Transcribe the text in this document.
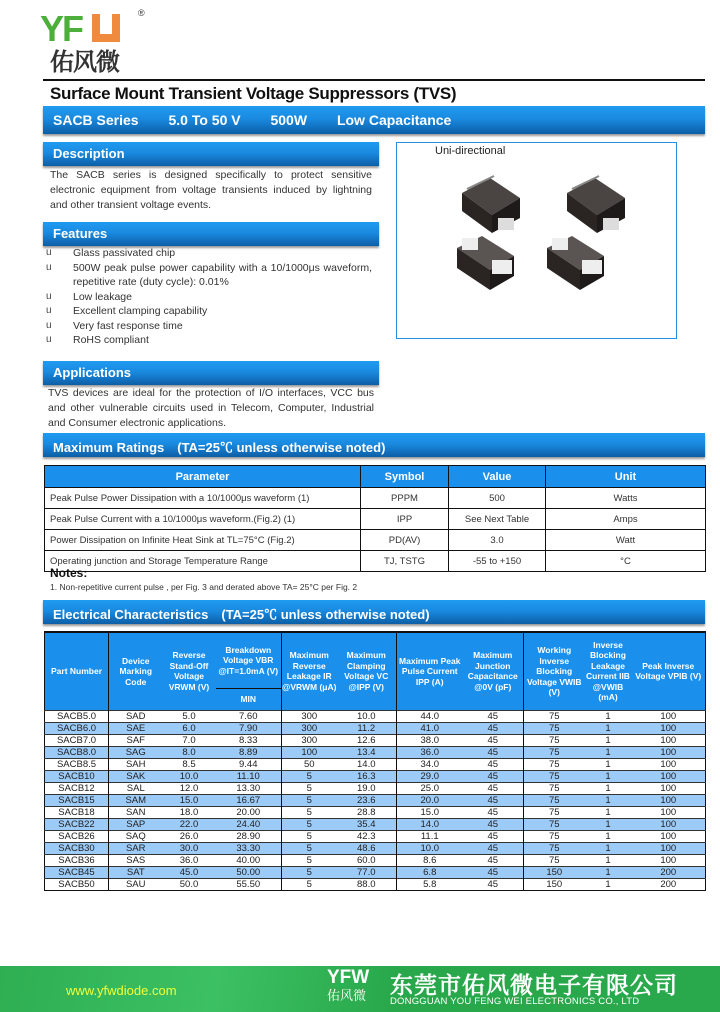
YF	®
佑风微
Surface Mount Transient Voltage Suppressors (TVS)
SACB Series 5.0 To 50 V 500W Low Capacitance
Description
The SACB series is designed specifically to protect sensitive electronic equipment from voltage transients induced by lightning and other transient voltage events.
Features
u Glass passivated chip
u 500W peak pulse power capability with a 10/1000μs waveform, repetitive rate (duty cycle): 0.01%
u Low leakage
u Excellent clamping capability
u Very fast response time
u RoHS compliant
Applications
TVS devices are ideal for the protection of I/O interfaces, VCC bus and other vulnerable circuits used in Telecom, Computer, Industrial and Consumer electronic applications.
Uni-directional
Maximum Ratings　(TA=25℃ unless otherwise noted)
Parameter	Symbol	Value	Unit
Peak Pulse Power Dissipation with a 10/1000μs waveform (1)	PPPM	500	Watts
Peak Pulse Current with a 10/1000μs waveform.(Fig.2) (1)	IPP	See Next Table	Amps
Power Dissipation on Infinite Heat Sink at TL=75°C (Fig.2)	PD(AV)	3.0	Watt
Operating junction and Storage Temperature Range	TJ, TSTG	-55 to +150	°C
Notes:
1. Non-repetitive current pulse , per Fig. 3 and derated above TA= 25°C per Fig. 2
Electrical Characteristics　(TA=25℃ unless otherwise noted)
Part Number	Device Marking Code	Reverse Stand-Off Voltage VRWM (V)	Breakdown Voltage VBR @IT=1.0mA (V)	Maximum Reverse Leakage IR @VRWM (μA)	Maximum Clamping Voltage VC @IPP (V)	Maximum Peak Pulse Current IPP (A)	Maximum Junction Capacitance @0V (pF)	Working Inverse Blocking Voltage VWIB (V)	Inverse Blocking Leakage Current IIB @VWIB (mA)	Peak Inverse Voltage VPIB (V)
			MIN							
SACB5.0	SAD	5.0	7.60	300	10.0	44.0	45	75	1	100
SACB6.0	SAE	6.0	7.90	300	11.2	41.0	45	75	1	100
SACB7.0	SAF	7.0	8.33	300	12.6	38.0	45	75	1	100
SACB8.0	SAG	8.0	8.89	100	13.4	36.0	45	75	1	100
SACB8.5	SAH	8.5	9.44	50	14.0	34.0	45	75	1	100
SACB10	SAK	10.0	11.10	5	16.3	29.0	45	75	1	100
SACB12	SAL	12.0	13.30	5	19.0	25.0	45	75	1	100
SACB15	SAM	15.0	16.67	5	23.6	20.0	45	75	1	100
SACB18	SAN	18.0	20.00	5	28.8	15.0	45	75	1	100
SACB22	SAP	22.0	24.40	5	35.4	14.0	45	75	1	100
SACB26	SAQ	26.0	28.90	5	42.3	11.1	45	75	1	100
SACB30	SAR	30.0	33.30	5	48.6	10.0	45	75	1	100
SACB36	SAS	36.0	40.00	5	60.0	8.6	45	75	1	100
SACB45	SAT	45.0	50.00	5	77.0	6.8	45	150	1	200
SACB50	SAU	50.0	55.50	5	88.0	5.8	45	150	1	200
www.yfwdiode.com
YFW
佑风微 东莞市佑风微电子有限公司
DONGGUAN YOU FENG WEI ELECTRONICS CO., LTD
